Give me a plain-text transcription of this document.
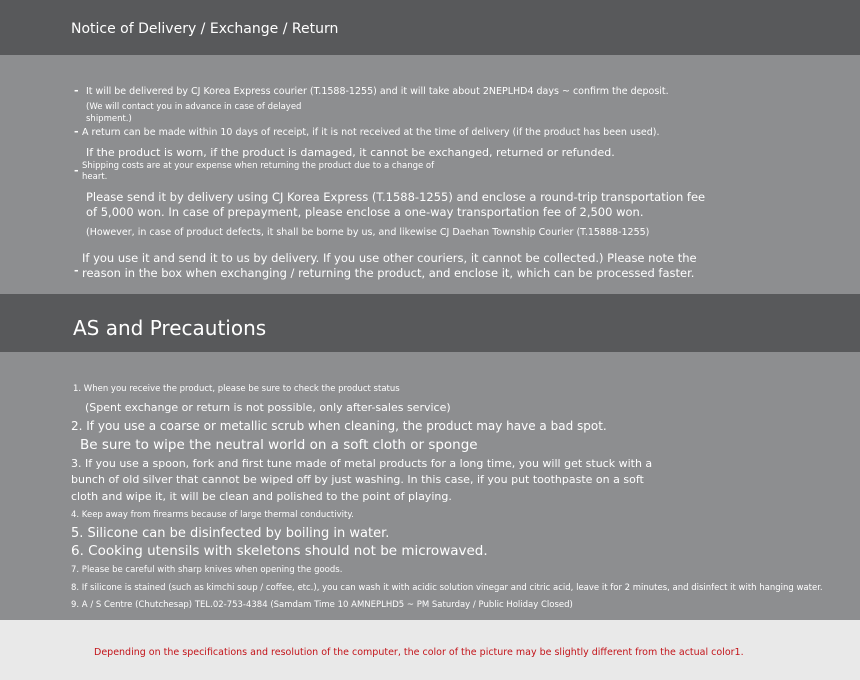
Notice of Delivery / Exchange / Return
- It will be delivered by CJ Korea Express courier (T.1588-1255) and it will take about 2NEPLHD4 days ~ confirm the deposit.
(We will contact you in advance in case of delayed
shipment.)
- A return can be made within 10 days of receipt, if it is not received at the time of delivery (if the product has been used).
If the product is worn, if the product is damaged, it cannot be exchanged, returned or refunded.
- Shipping costs are at your expense when returning the product due to a change of
heart.
Please send it by delivery using CJ Korea Express (T.1588-1255) and enclose a round-trip transportation fee
of 5,000 won. In case of prepayment, please enclose a one-way transportation fee of 2,500 won.
(However, in case of product defects, it shall be borne by us, and likewise CJ Daehan Township Courier (T.15888-1255)
If you use it and send it to us by delivery. If you use other couriers, it cannot be collected.) Please note the
- reason in the box when exchanging / returning the product, and enclose it, which can be processed faster.
AS and Precautions
1. When you receive the product, please be sure to check the product status
(Spent exchange or return is not possible, only after-sales service)
2. If you use a coarse or metallic scrub when cleaning, the product may have a bad spot.
Be sure to wipe the neutral world on a soft cloth or sponge
3. If you use a spoon, fork and first tune made of metal products for a long time, you will get stuck with a
bunch of old silver that cannot be wiped off by just washing. In this case, if you put toothpaste on a soft
cloth and wipe it, it will be clean and polished to the point of playing.
4. Keep away from firearms because of large thermal conductivity.
5. Silicone can be disinfected by boiling in water.
6. Cooking utensils with skeletons should not be microwaved.
7. Please be careful with sharp knives when opening the goods.
8. If silicone is stained (such as kimchi soup / coffee, etc.), you can wash it with acidic solution vinegar and citric acid, leave it for 2 minutes, and disinfect it with hanging water.
9. A / S Centre (Chutchesap) TEL.02-753-4384 (Samdam Time 10 AMNEPLHD5 ~ PM Saturday / Public Holiday Closed)
Depending on the specifications and resolution of the computer, the color of the picture may be slightly different from the actual color1.
